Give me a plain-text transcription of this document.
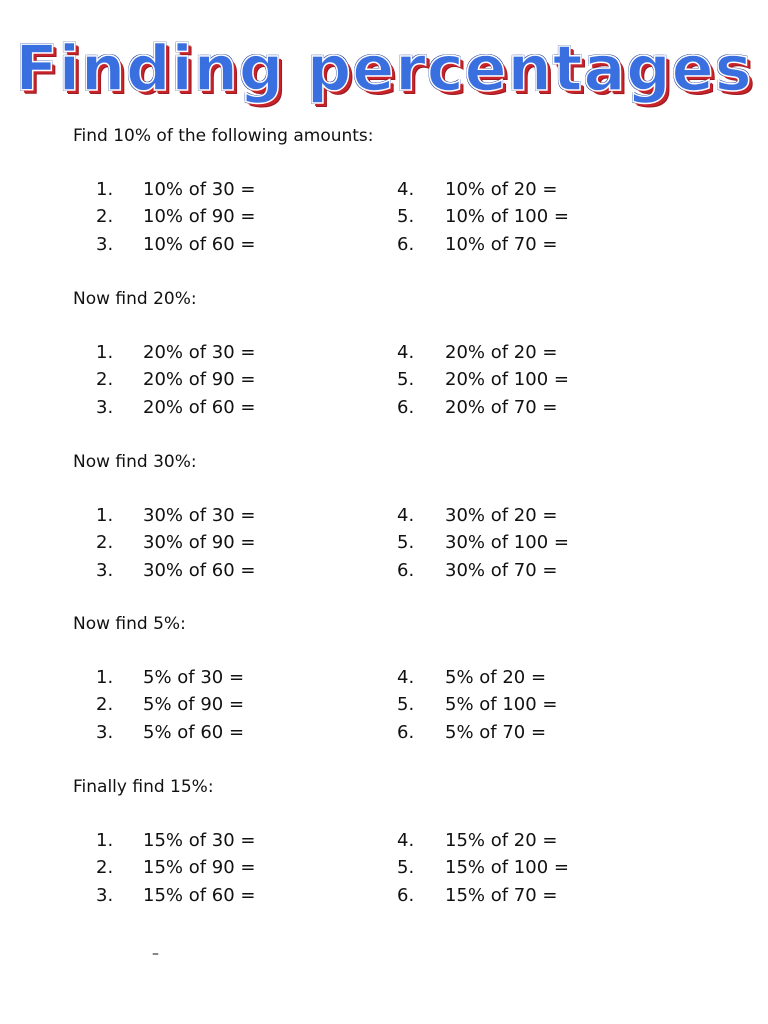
Finding percentages
Find 10% of the following amounts:
1. 10% of 30 =	4. 10% of 20 =
2. 10% of 90 =	5. 10% of 100 =
3. 10% of 60 =	6. 10% of 70 =
Now find 20%:
1. 20% of 30 =	4. 20% of 20 =
2. 20% of 90 =	5. 20% of 100 =
3. 20% of 60 =	6. 20% of 70 =
Now find 30%:
1. 30% of 30 =	4. 30% of 20 =
2. 30% of 90 =	5. 30% of 100 =
3. 30% of 60 =	6. 30% of 70 =
Now find 5%:
1. 5% of 30 =	4. 5% of 20 =
2. 5% of 90 =	5. 5% of 100 =
3. 5% of 60 =	6. 5% of 70 =
Finally find 15%:
1. 15% of 30 =	4. 15% of 20 =
2. 15% of 90 =	5. 15% of 100 =
3. 15% of 60 =	6. 15% of 70 =
–
